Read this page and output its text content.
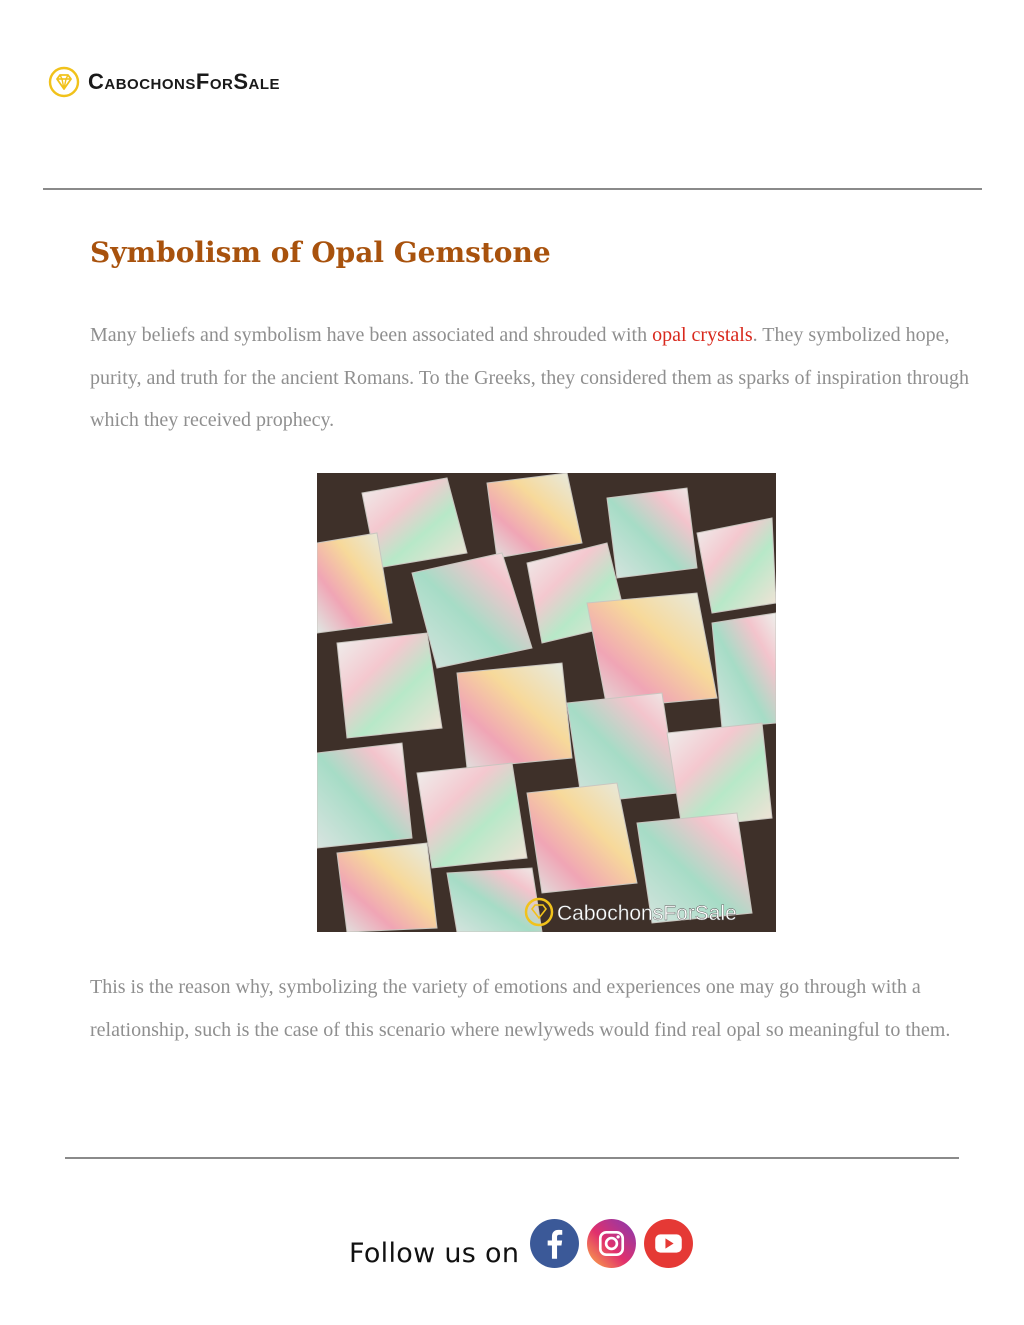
CabochonsForSale
Symbolism of Opal Gemstone

Many beliefs and symbolism have been associated and shrouded with opal crystals. They symbolized hope, purity, and truth for the ancient Romans. To the Greeks, they considered them as sparks of inspiration through which they received prophecy.

CabochonsForSale

This is the reason why, symbolizing the variety of emotions and experiences one may go through with a relationship, such is the case of this scenario where newlyweds would find real opal so meaningful to them.

Follow us on
